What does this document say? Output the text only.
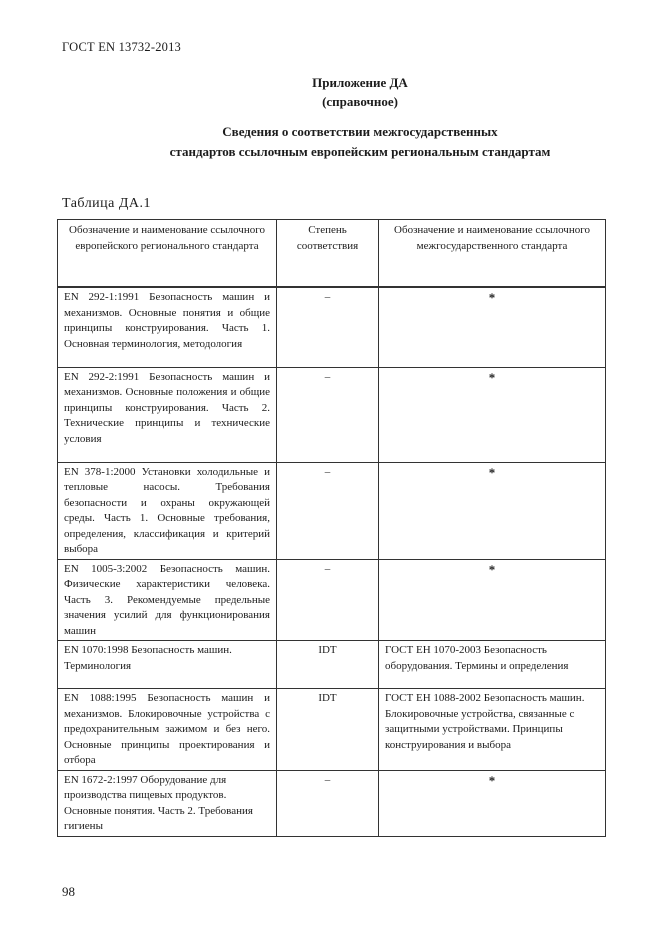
ГОСТ EN 13732-2013
Приложение ДА
(справочное)
Сведения о соответствии межгосударственных
стандартов ссылочным европейским региональным стандартам
Таблица ДА.1
Обозначение и наименование ссылочного европейского регионального стандарта	Степень соответствия	Обозначение и наименование ссылочного межгосударственного стандарта
EN 292-1:1991 Безопасность машин и механизмов. Основные понятия и общие принципы конструирования. Часть 1. Основная терминология, методология	–	*
EN 292-2:1991 Безопасность машин и механизмов. Основные положения и общие принципы конструирования. Часть 2. Технические принципы и технические условия	–	*
EN 378-1:2000 Установки холодильные и тепловые насосы. Требования безопасности и охраны окружающей среды. Часть 1. Основные требования, определения, классификация и критерий выбора	–	*
EN 1005-3:2002 Безопасность машин. Физические характеристики человека. Часть 3. Рекомендуемые предельные значения усилий для функционирования машин	–	*
EN 1070:1998 Безопасность машин. Терминология	IDT	ГОСТ ЕН 1070-2003 Безопасность оборудования. Термины и определения
EN 1088:1995 Безопасность машин и механизмов. Блокировочные устройства с предохранительным зажимом и без него. Основные принципы проектирования и отбора	IDT	ГОСТ ЕН 1088-2002 Безопасность машин. Блокировочные устройства, связанные с защитными устройствами. Принципы конструирования и выбора
EN 1672-2:1997 Оборудование для производства пищевых продуктов. Основные понятия. Часть 2. Требования гигиены	–	*
98
